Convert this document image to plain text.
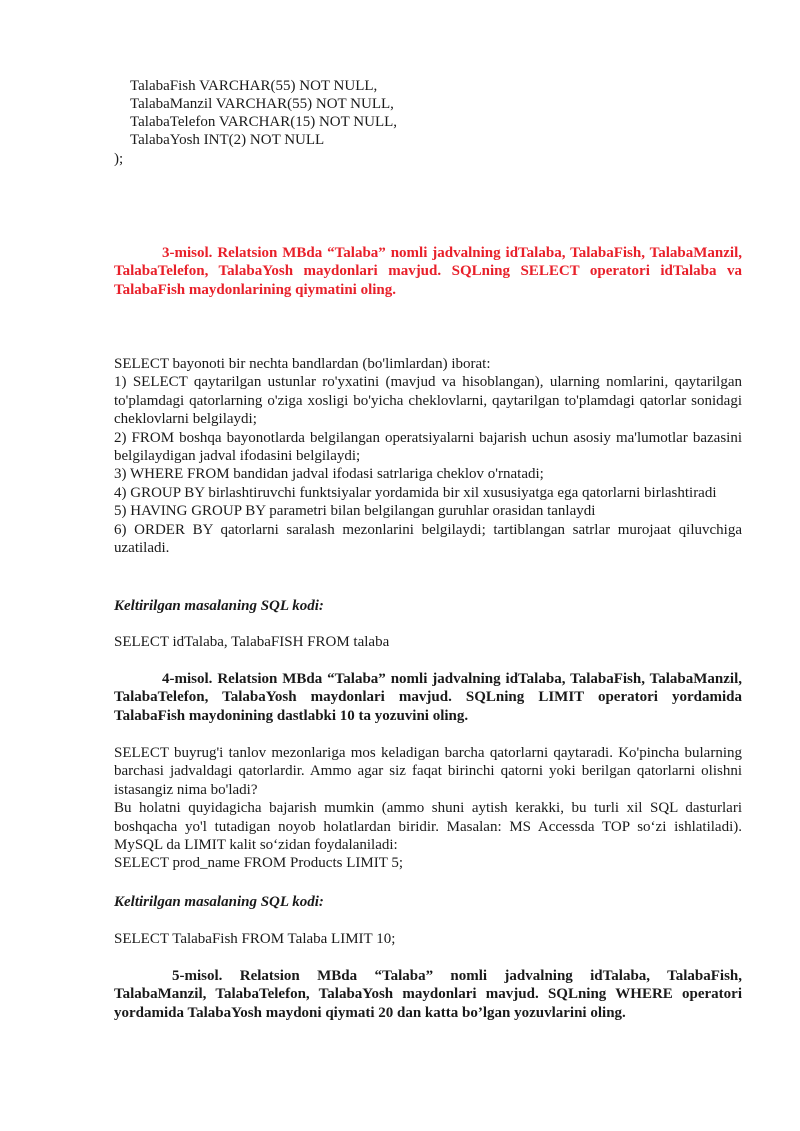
TalabaFish VARCHAR(55) NOT NULL,
TalabaManzil VARCHAR(55) NOT NULL,
TalabaTelefon VARCHAR(15) NOT NULL,
TalabaYosh INT(2) NOT NULL
);
3-misol. Relatsion MBda “Talaba” nomli jadvalning idTalaba, TalabaFish, TalabaManzil, TalabaTelefon, TalabaYosh maydonlari mavjud. SQLning SELECT operatori idTalaba va TalabaFish maydonlarining qiymatini oling.

SELECT bayonoti bir nechta bandlardan (bo'limlardan) iborat:

1) SELECT qaytarilgan ustunlar ro'yxatini (mavjud va hisoblangan), ularning nomlarini, qaytarilgan to'plamdagi qatorlarning o'ziga xosligi bo'yicha cheklovlarni, qaytarilgan to'plamdagi qatorlar sonidagi cheklovlarni belgilaydi;

2) FROM boshqa bayonotlarda belgilangan operatsiyalarni bajarish uchun asosiy ma'lumotlar bazasini belgilaydigan jadval ifodasini belgilaydi;

3) WHERE FROM bandidan jadval ifodasi satrlariga cheklov o'rnatadi;

4) GROUP BY birlashtiruvchi funktsiyalar yordamida bir xil xususiyatga ega qatorlarni birlashtiradi

5) HAVING GROUP BY parametri bilan belgilangan guruhlar orasidan tanlaydi

6) ORDER BY qatorlarni saralash mezonlarini belgilaydi; tartiblangan satrlar murojaat qiluvchiga uzatiladi.

Keltirilgan masalaning SQL kodi:
SELECT idTalaba, TalabaFISH FROM talaba
4-misol. Relatsion MBda “Talaba” nomli jadvalning idTalaba, TalabaFish, TalabaManzil, TalabaTelefon, TalabaYosh maydonlari mavjud. SQLning LIMIT operatori yordamida TalabaFish maydonining dastlabki 10 ta yozuvini oling.

SELECT buyrug'i tanlov mezonlariga mos keladigan barcha qatorlarni qaytaradi. Ko'pincha bularning barchasi jadvaldagi qatorlardir. Ammo agar siz faqat birinchi qatorni yoki berilgan qatorlarni olishni istasangiz nima bo'ladi?

Bu holatni quyidagicha bajarish mumkin (ammo shuni aytish kerakki, bu turli xil SQL dasturlari boshqacha yo'l tutadigan noyob holatlardan biridir. Masalan: MS Accessda TOP so‘zi ishlatiladi). MySQL da LIMIT kalit so‘zidan foydalaniladi:

SELECT prod_name FROM Products LIMIT 5;

Keltirilgan masalaning SQL kodi:
SELECT TalabaFish FROM Talaba LIMIT 10;
5-misol. Relatsion MBda “Talaba” nomli jadvalning idTalaba, TalabaFish, TalabaManzil, TalabaTelefon, TalabaYosh maydonlari mavjud. SQLning WHERE operatori yordamida TalabaYosh maydoni qiymati 20 dan katta bo’lgan yozuvlarini oling.
